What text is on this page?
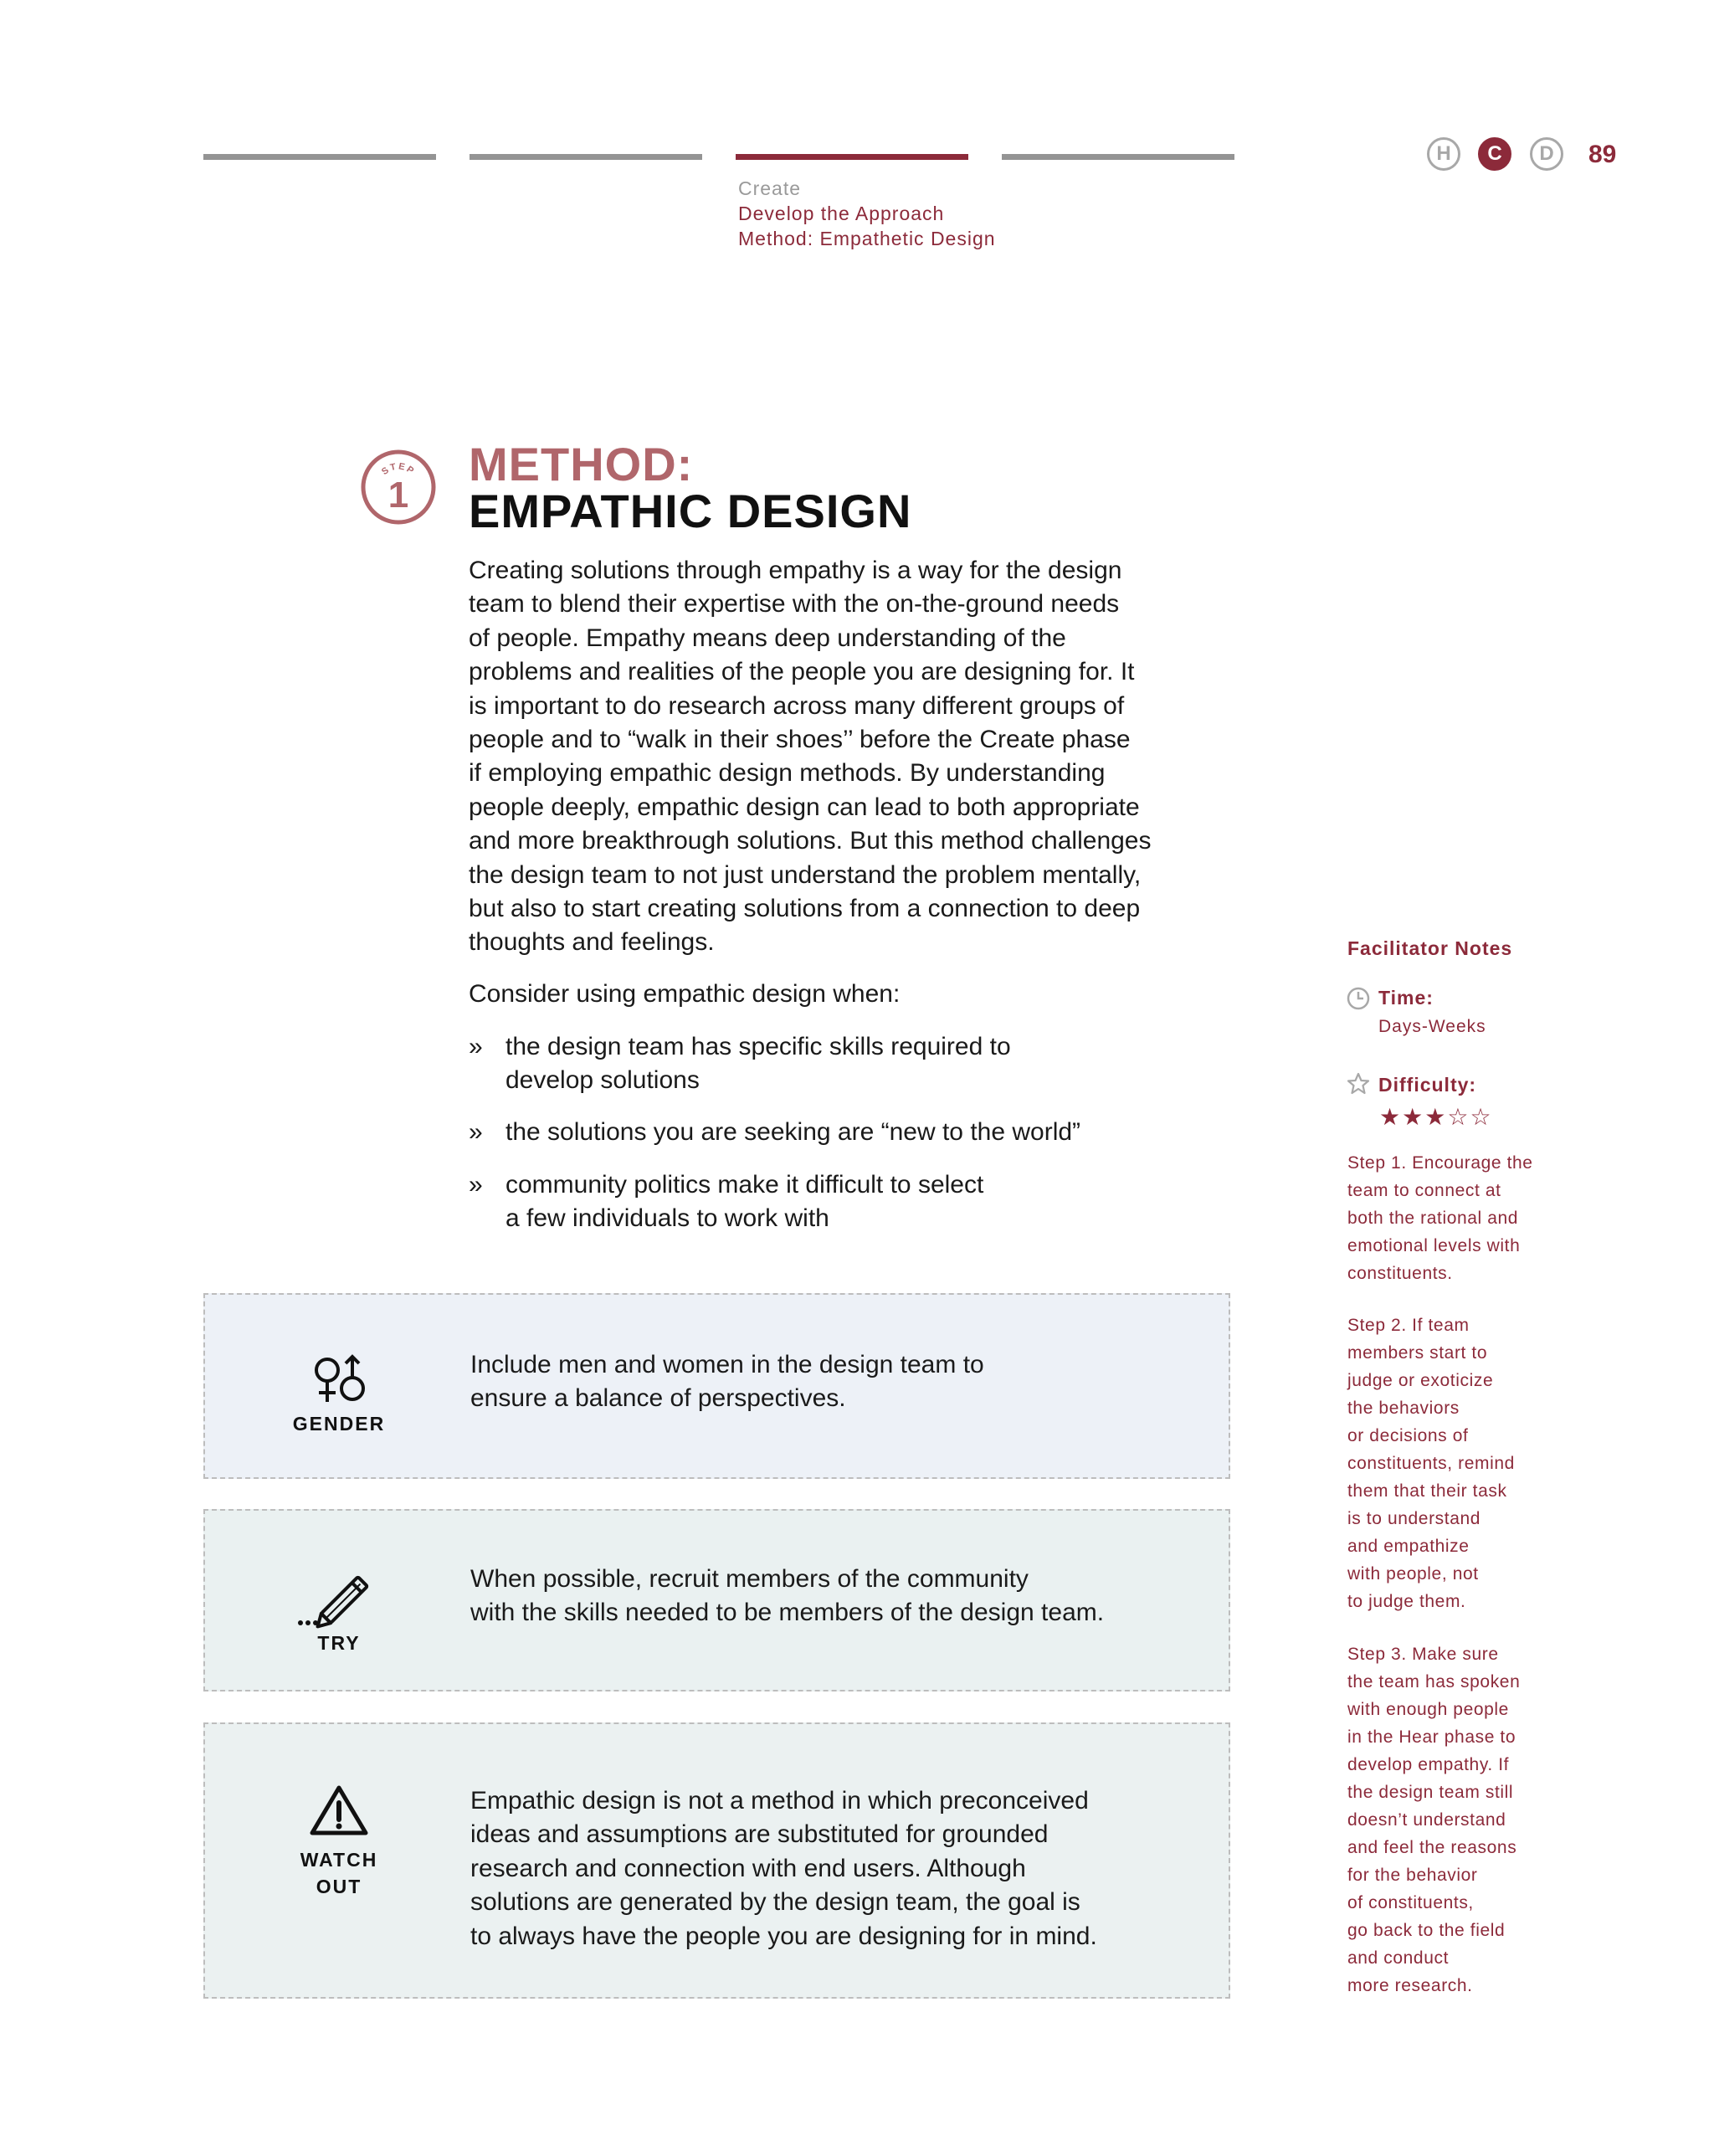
Create
Develop the Approach
Method: Empathetic Design
H	C	D	89
STEP
1
METHOD:
EMPATHIC DESIGN
Creating solutions through empathy is a way for the design
team to blend their expertise with the on-the-ground needs
of people. Empathy means deep understanding of the
problems and realities of the people you are designing for. It
is important to do research across many different groups of
people and to “walk in their shoes’’ before the Create phase
if employing empathic design methods. By understanding
people deeply, empathic design can lead to both appropriate
and more breakthrough solutions. But this method challenges
the design team to not just understand the problem mentally,
but also to start creating solutions from a connection to deep
thoughts and feelings.
Consider using empathic design when:
» the design team has specific skills required to
develop solutions
» the solutions you are seeking are “new to the world”
» community politics make it difficult to select
a few individuals to work with
GENDER
Include men and women in the design team to
ensure a balance of perspectives.
TRY
When possible, recruit members of the community
with the skills needed to be members of the design team.
WATCH
OUT
Empathic design is not a method in which preconceived
ideas and assumptions are substituted for grounded
research and connection with end users. Although
solutions are generated by the design team, the goal is
to always have the people you are designing for in mind.
Facilitator Notes
Time:
Days-Weeks
Difficulty:
★★★☆☆
Step 1. Encourage the
team to connect at
both the rational and
emotional levels with
constituents.
Step 2. If team
members start to
judge or exoticize
the behaviors
or decisions of
constituents, remind
them that their task
is to understand
and empathize
with people, not
to judge them.
Step 3. Make sure
the team has spoken
with enough people
in the Hear phase to
develop empathy. If
the design team still
doesn’t understand
and feel the reasons
for the behavior
of constituents,
go back to the field
and conduct
more research.
